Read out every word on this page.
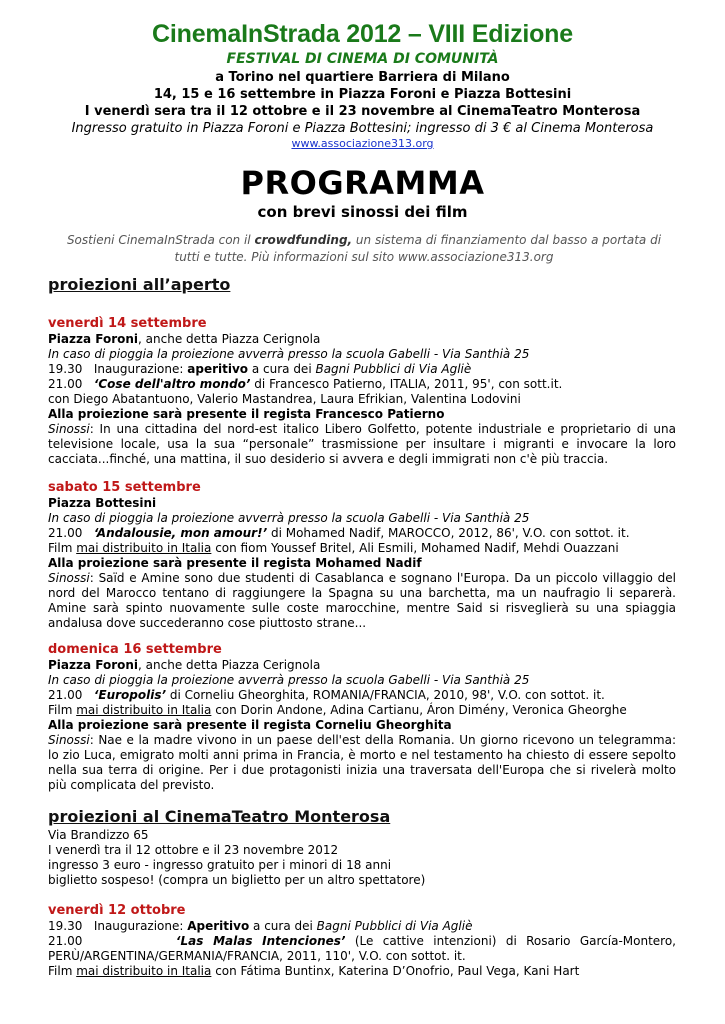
CinemaInStrada 2012 – VIII Edizione
FESTIVAL DI CINEMA DI COMUNITÀ
a Torino nel quartiere Barriera di Milano
14, 15 e 16 settembre in Piazza Foroni e Piazza Bottesini
I venerdì sera tra il 12 ottobre e il 23 novembre al CinemaTeatro Monterosa
Ingresso gratuito in Piazza Foroni e Piazza Bottesini; ingresso di 3 € al Cinema Monterosa
www.associazione313.org
PROGRAMMA
con brevi sinossi dei film
Sostieni CinemaInStrada con il crowdfunding, un sistema di finanziamento dal basso a portata di tutti e tutte. Più informazioni sul sito www.associazione313.org
proiezioni all’aperto

venerdì 14 settembre

Piazza Foroni, anche detta Piazza Cerignola

In caso di pioggia la proiezione avverrà presso la scuola Gabelli - Via Santhià 25

19.30 Inaugurazione: aperitivo a cura dei Bagni Pubblici di Via Agliè

21.00 ‘Cose dell'altro mondo’ di Francesco Patierno, ITALIA, 2011, 95', con sott.it.

con Diego Abatantuono, Valerio Mastandrea, Laura Efrikian, Valentina Lodovini

Alla proiezione sarà presente il regista Francesco Patierno

Sinossi: In una cittadina del nord-est italico Libero Golfetto, potente industriale e proprietario di una televisione locale, usa la sua “personale” trasmissione per insultare i migranti e invocare la loro cacciata...finché, una mattina, il suo desiderio si avvera e degli immigrati non c'è più traccia.

sabato 15 settembre

Piazza Bottesini

In caso di pioggia la proiezione avverrà presso la scuola Gabelli - Via Santhià 25

21.00 ‘Andalousie, mon amour!’ di Mohamed Nadif, MAROCCO, 2012, 86', V.O. con sottot. it.

Film mai distribuito in Italia con fiom Youssef Britel, Ali Esmili, Mohamed Nadif, Mehdi Ouazzani

Alla proiezione sarà presente il regista Mohamed Nadif

Sinossi: Saïd e Amine sono due studenti di Casablanca e sognano l'Europa. Da un piccolo villaggio del nord del Marocco tentano di raggiungere la Spagna su una barchetta, ma un naufragio li separerà. Amine sarà spinto nuovamente sulle coste marocchine, mentre Said si risveglierà su una spiaggia andalusa dove succederanno cose piuttosto strane...

domenica 16 settembre

Piazza Foroni, anche detta Piazza Cerignola

In caso di pioggia la proiezione avverrà presso la scuola Gabelli - Via Santhià 25

21.00 ‘Europolis’ di Corneliu Gheorghita, ROMANIA/FRANCIA, 2010, 98', V.O. con sottot. it.

Film mai distribuito in Italia con Dorin Andone, Adina Cartianu, Áron Dimény, Veronica Gheorghe

Alla proiezione sarà presente il regista Corneliu Gheorghita

Sinossi: Nae e la madre vivono in un paese dell'est della Romania. Un giorno ricevono un telegramma: lo zio Luca, emigrato molti anni prima in Francia, è morto e nel testamento ha chiesto di essere sepolto nella sua terra di origine. Per i due protagonisti inizia una traversata dell'Europa che si rivelerà molto più complicata del previsto.

proiezioni al CinemaTeatro Monterosa

Via Brandizzo 65

I venerdì tra il 12 ottobre e il 23 novembre 2012

ingresso 3 euro - ingresso gratuito per i minori di 18 anni

biglietto sospeso! (compra un biglietto per un altro spettatore)

venerdì 12 ottobre

19.30 Inaugurazione: Aperitivo a cura dei Bagni Pubblici di Via Agliè

21.00	‘Las Malas Intenciones’ (Le cattive intenzioni) di Rosario García-Montero,

PERÙ/ARGENTINA/GERMANIA/FRANCIA, 2011, 110', V.O. con sottot. it.

Film mai distribuito in Italia con Fátima Buntinx, Katerina D’Onofrio, Paul Vega, Kani Hart
